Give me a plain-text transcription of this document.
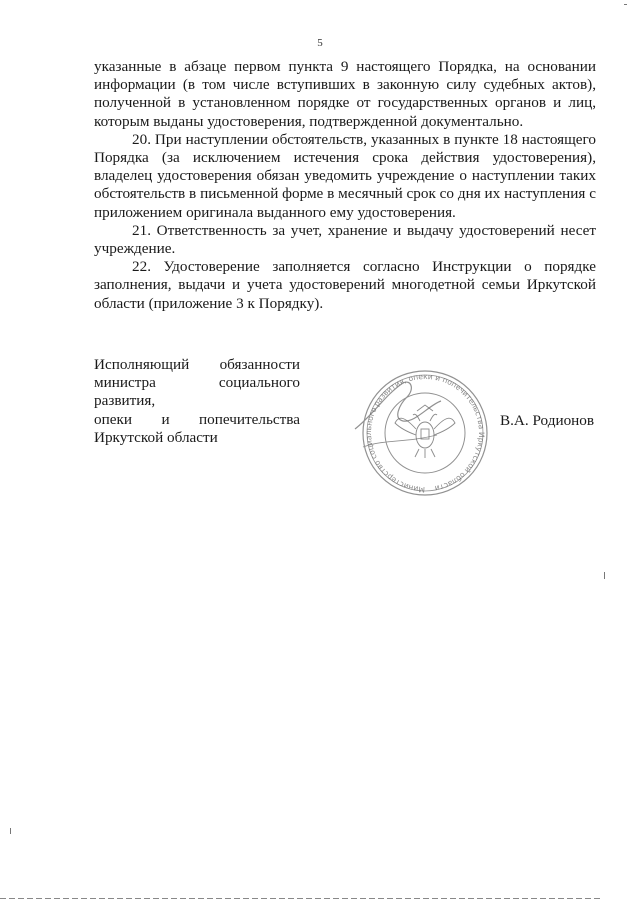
5

указанные в абзаце первом пункта 9 настоящего Порядка, на основании информации (в том числе вступивших в законную силу судебных актов), полученной в установленном порядке от государственных органов и лиц, которым выданы удостоверения, подтвержденной документально.

20. При наступлении обстоятельств, указанных в пункте 18 настоящего Порядка (за исключением истечения срока действия удостоверения), владелец удостоверения обязан уведомить учреждение о наступлении таких обстоятельств в письменной форме в месячный срок со дня их наступления с приложением оригинала выданного ему удостоверения.

21. Ответственность за учет, хранение и выдачу удостоверений несет учреждение.

22. Удостоверение заполняется согласно Инструкции о порядке заполнения, выдачи и учета удостоверений многодетной семьи Иркутской области (приложение 3 к Порядку).

Исполняющий обязанности
министра социального развития,
опеки и попечительства
Иркутской области
Министерство социального развития, опеки и попечительства Иркутской области
В.А. Родионов
